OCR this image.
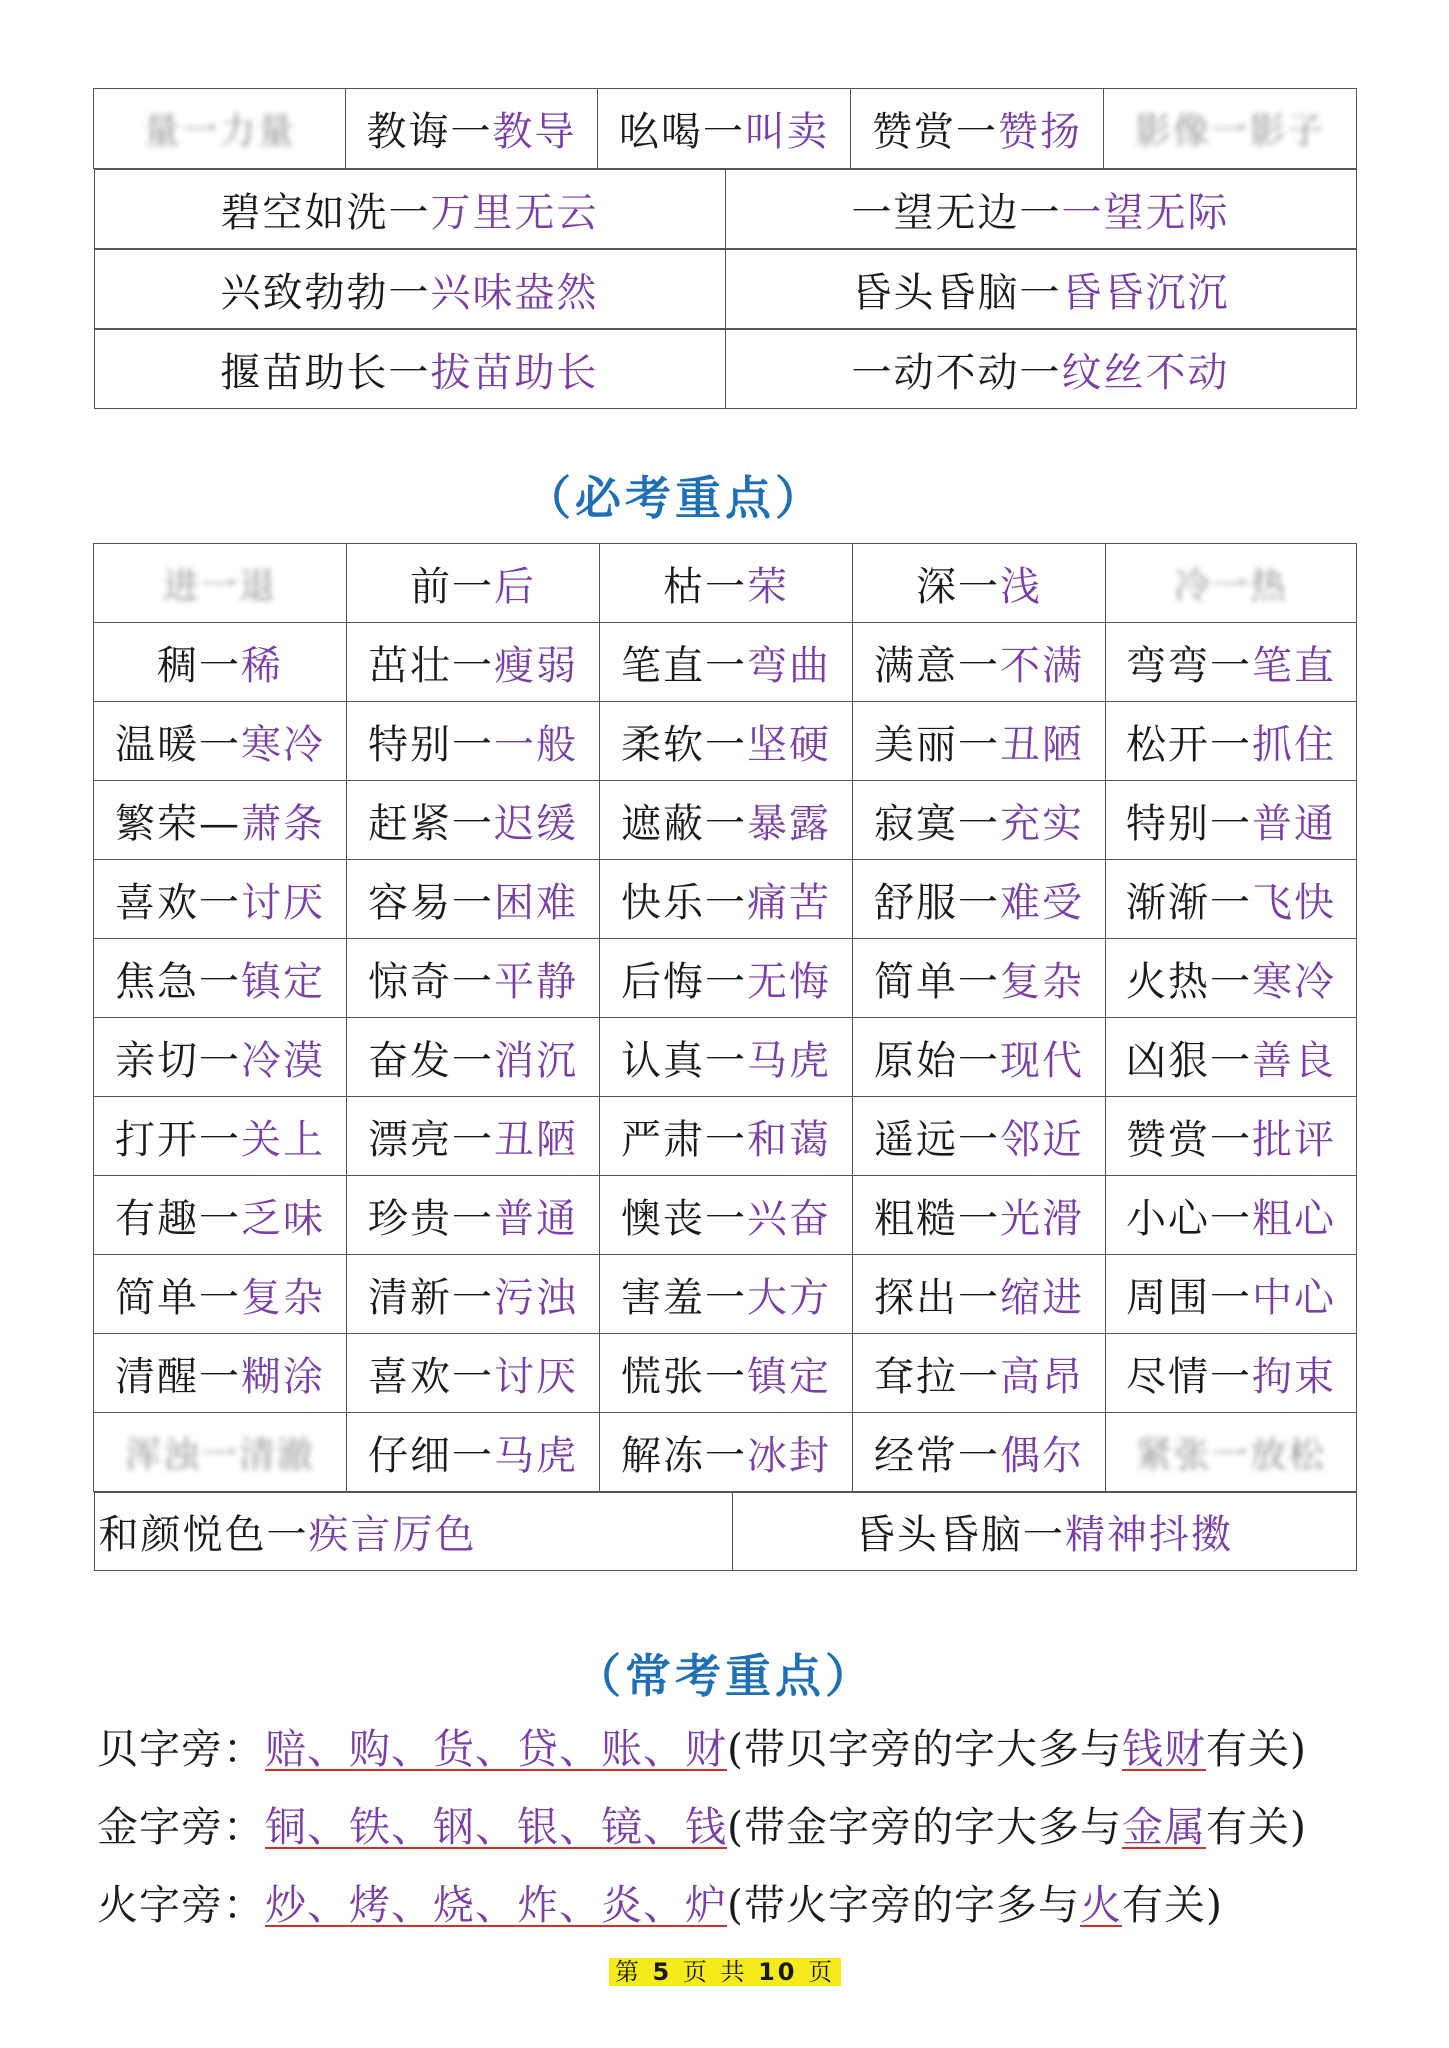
量一力量	教诲一教导	吆喝一叫卖	赞赏一赞扬	影像一影子

碧空如洗一万里无云	一望无边一一望无际

兴致勃勃一兴味盎然	昏头昏脑一昏昏沉沉

揠苗助长一拔苗助长	一动不动一纹丝不动
（必考重点）
进一退	前一后	枯一荣	深一浅	冷一热
稠一稀	茁壮一瘦弱	笔直一弯曲	满意一不满	弯弯一笔直
温暖一寒冷	特别一一般	柔软一坚硬	美丽一丑陋	松开一抓住
繁荣—萧条	赶紧一迟缓	遮蔽一暴露	寂寞一充实	特别一普通
喜欢一讨厌	容易一困难	快乐一痛苦	舒服一难受	渐渐一飞快
焦急一镇定	惊奇一平静	后悔一无悔	简单一复杂	火热一寒冷
亲切一冷漠	奋发一消沉	认真一马虎	原始一现代	凶狠一善良
打开一关上	漂亮一丑陋	严肃一和蔼	遥远一邻近	赞赏一批评
有趣一乏味	珍贵一普通	懊丧一兴奋	粗糙一光滑	小心一粗心
简单一复杂	清新一污浊	害羞一大方	探出一缩进	周围一中心
清醒一糊涂	喜欢一讨厌	慌张一镇定	耷拉一高昂	尽情一拘束
浑浊一清澈	仔细一马虎	解冻一冰封	经常一偶尔	紧张一放松

和颜悦色一疾言厉色	昏头昏脑一精神抖擞
（常考重点）
贝字旁：赔、购、货、贷、账、财(带贝字旁的字大多与钱财有关)
金字旁：铜、铁、钢、银、镜、钱(带金字旁的字大多与金属有关)
火字旁：炒、烤、烧、炸、炎、炉(带火字旁的字多与火有关)
第 5 页 共 10 页
